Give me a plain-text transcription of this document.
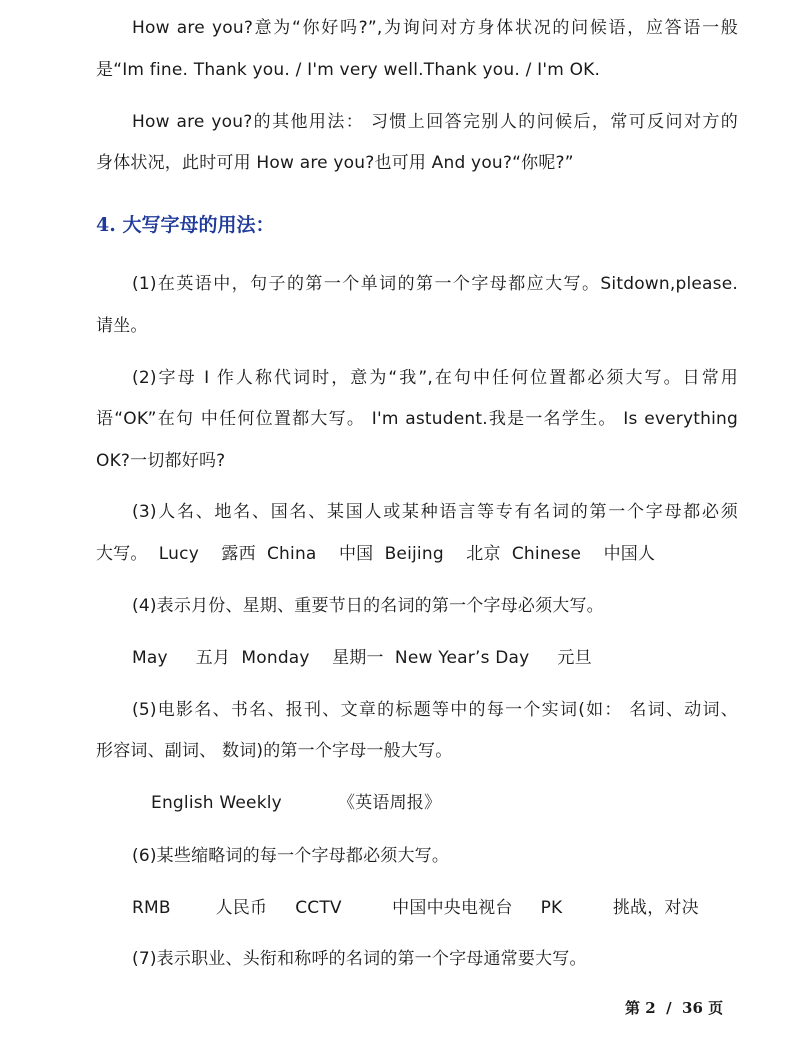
How are you?意为“你好吗?”,为询问对方身体状况的问候语，应答语一般
是“Im fine. Thank you. / I'm very well.Thank you. / I'm OK.
How are you?的其他用法： 习惯上回答完别人的问候后，常可反问对方的
身体状况，此时可用 How are you?也可用 And you?“你呢?”
4. 大写字母的用法：
(1)在英语中，句子的第一个单词的第一个字母都应大写。Sitdown,please.
请坐。
(2)字母 I 作人称代词时，意为“我”,在句中任何位置都必须大写。日常用
语“OK”在句 中任何位置都大写。 I'm astudent.我是一名学生。 Is everything
OK?一切都好吗?
(3)人名、地名、国名、某国人或某种语言等专有名词的第一个字母都必须
大写。  Lucy    露西  China    中国  Beijing    北京  Chinese    中国人
(4)表示月份、星期、重要节日的名词的第一个字母必须大写。
May     五月  Monday    星期一  New Year’s Day     元旦
(5)电影名、书名、报刊、文章的标题等中的每一个实词(如： 名词、动词、
形容词、副词、 数词)的第一个字母一般大写。
English Weekly          《英语周报》
(6)某些缩略词的每一个字母都必须大写。
RMB        人民币     CCTV         中国中央电视台     PK         挑战，对决
(7)表示职业、头衔和称呼的名词的第一个字母通常要大写。
第 2  /  36 页
